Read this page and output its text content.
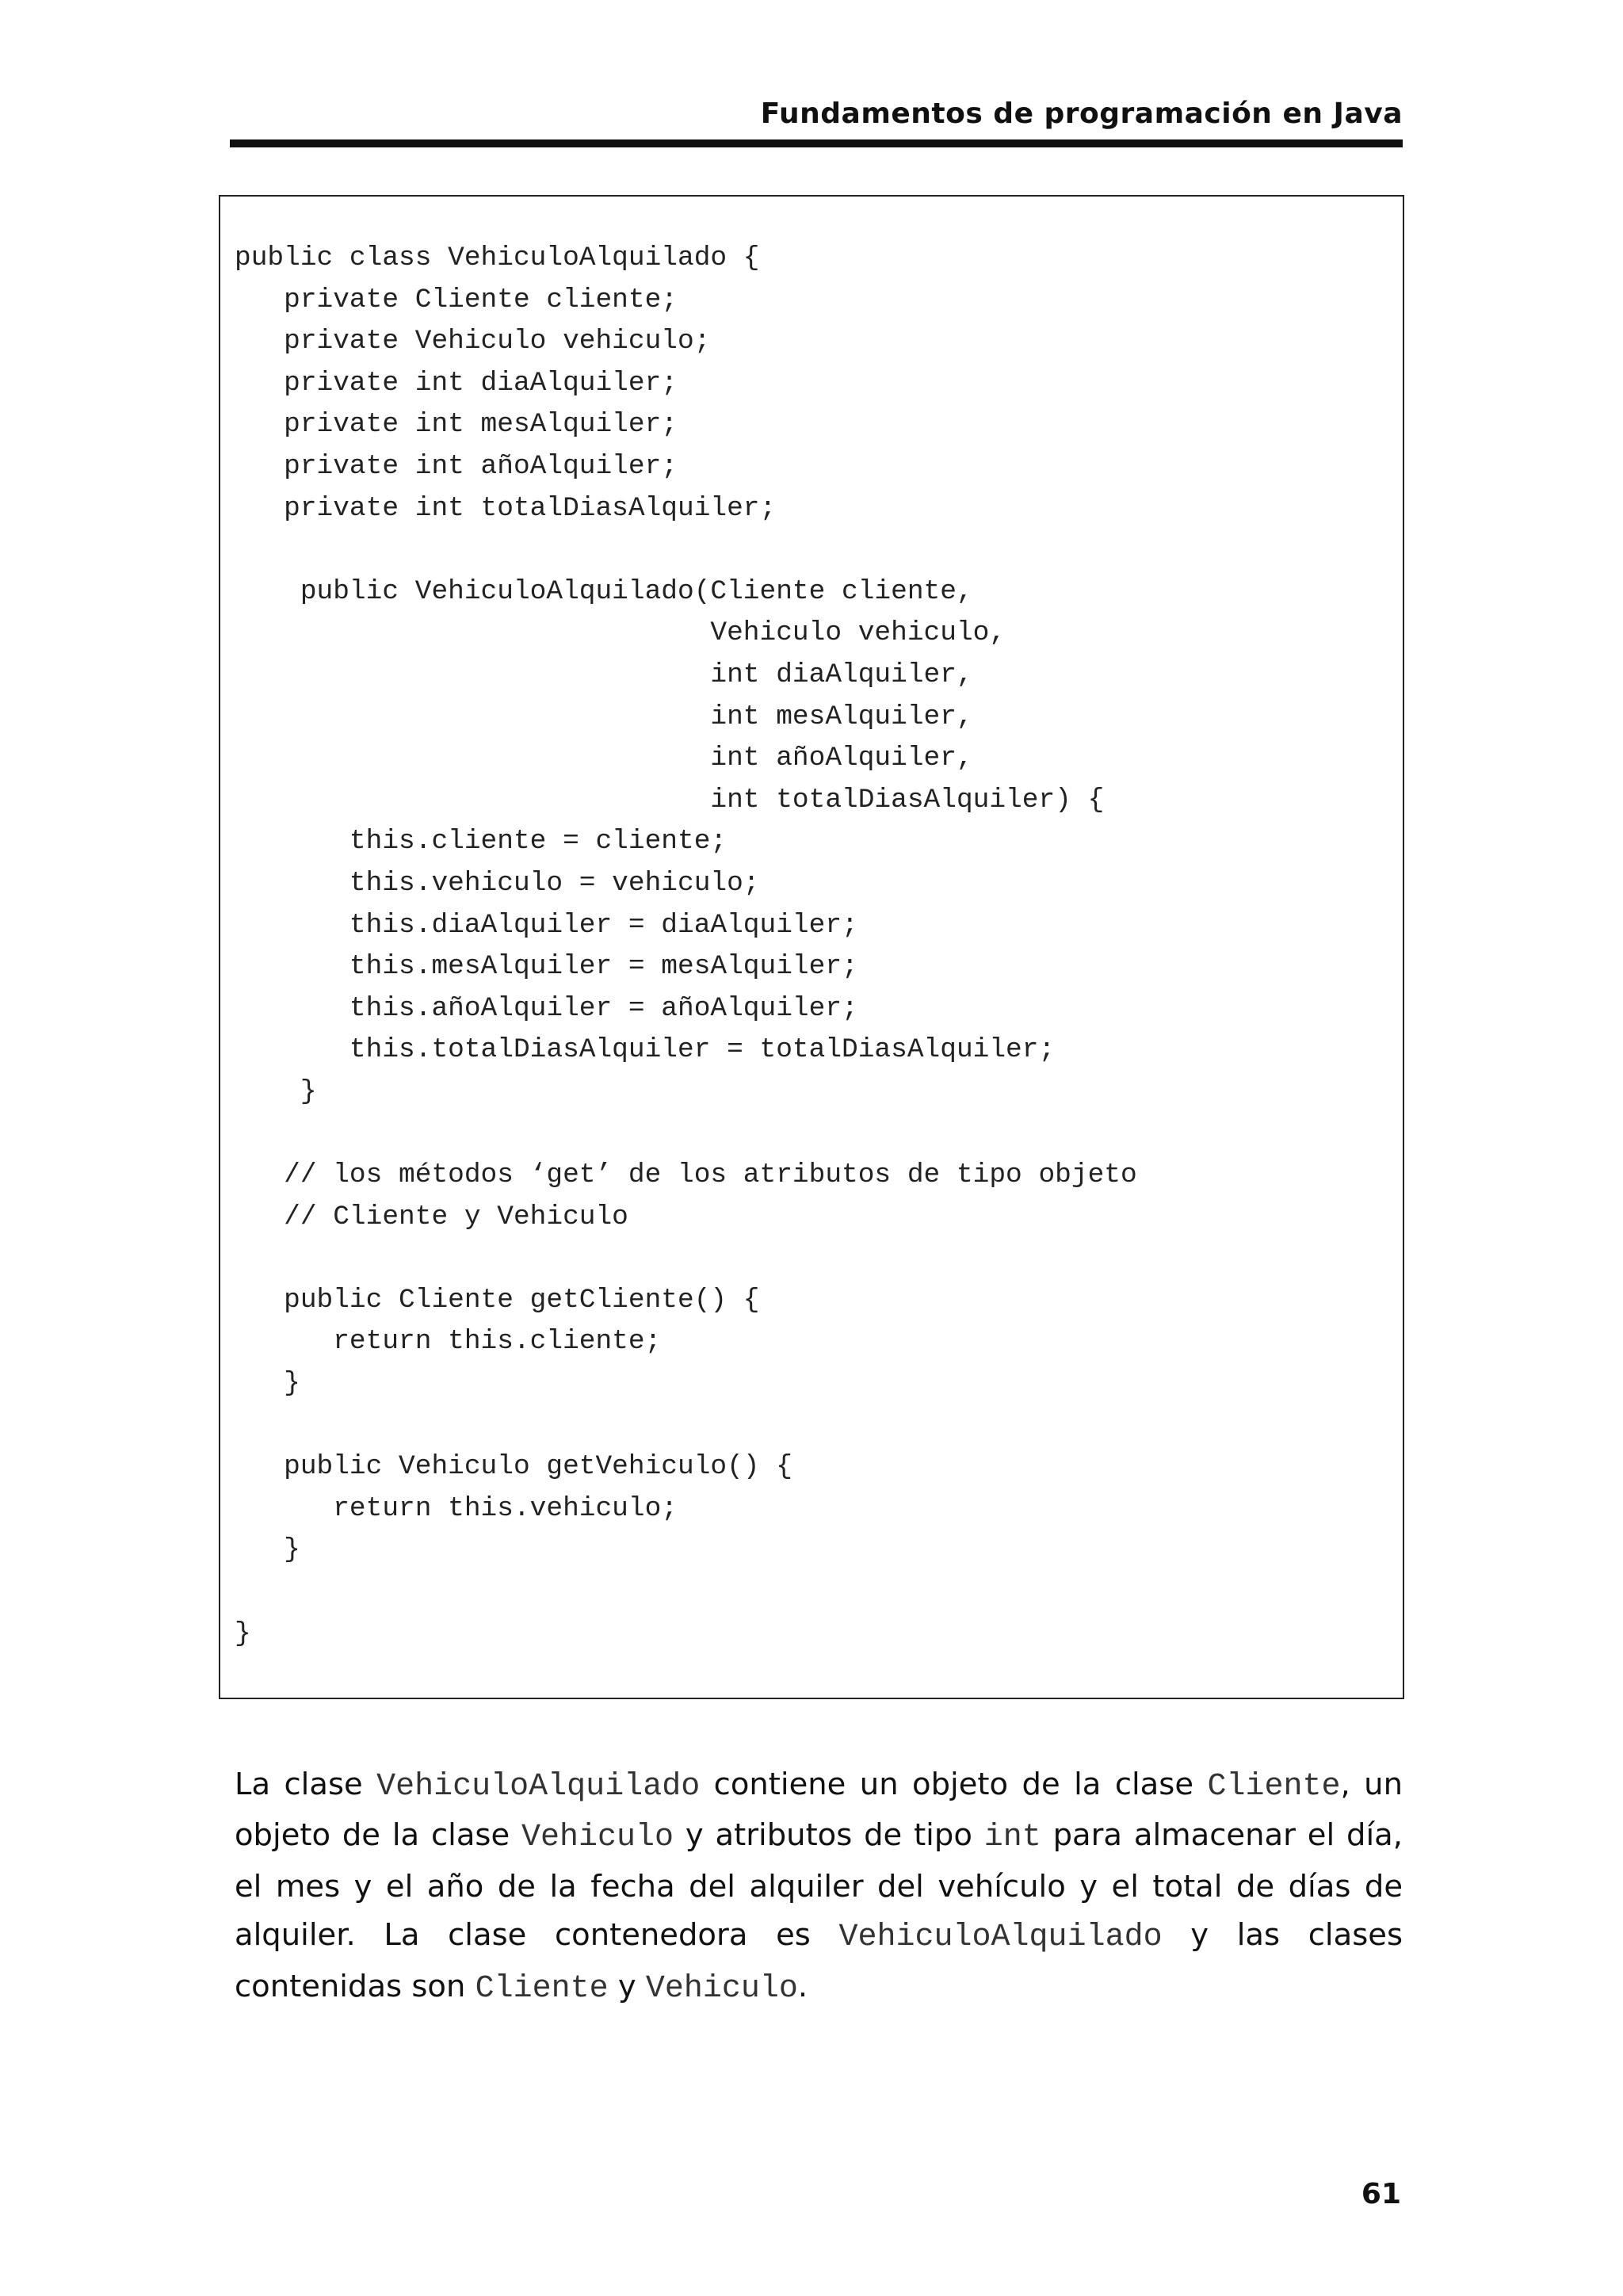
Fundamentos de programación en Java
public class VehiculoAlquilado {
private Cliente cliente;
private Vehiculo vehiculo;
private int diaAlquiler;
private int mesAlquiler;
private int añoAlquiler;
private int totalDiasAlquiler;
public VehiculoAlquilado(Cliente cliente,
Vehiculo vehiculo,
int diaAlquiler,
int mesAlquiler,
int añoAlquiler,
int totalDiasAlquiler) {
this.cliente = cliente;
this.vehiculo = vehiculo;
this.diaAlquiler = diaAlquiler;
this.mesAlquiler = mesAlquiler;
this.añoAlquiler = añoAlquiler;
this.totalDiasAlquiler = totalDiasAlquiler;
}
// los métodos ‘get’ de los atributos de tipo objeto
// Cliente y Vehiculo
public Cliente getCliente() {
return this.cliente;
}
public Vehiculo getVehiculo() {
return this.vehiculo;
}
}

La clase VehiculoAlquilado contiene un objeto de la clase Cliente, un objeto de la clase Vehiculo y atributos de tipo int para almacenar el día, el mes y el año de la fecha del alquiler del vehículo y el total de días de alquiler. La clase contenedora es VehiculoAlquilado y las clases contenidas son Cliente y Vehiculo.

61
